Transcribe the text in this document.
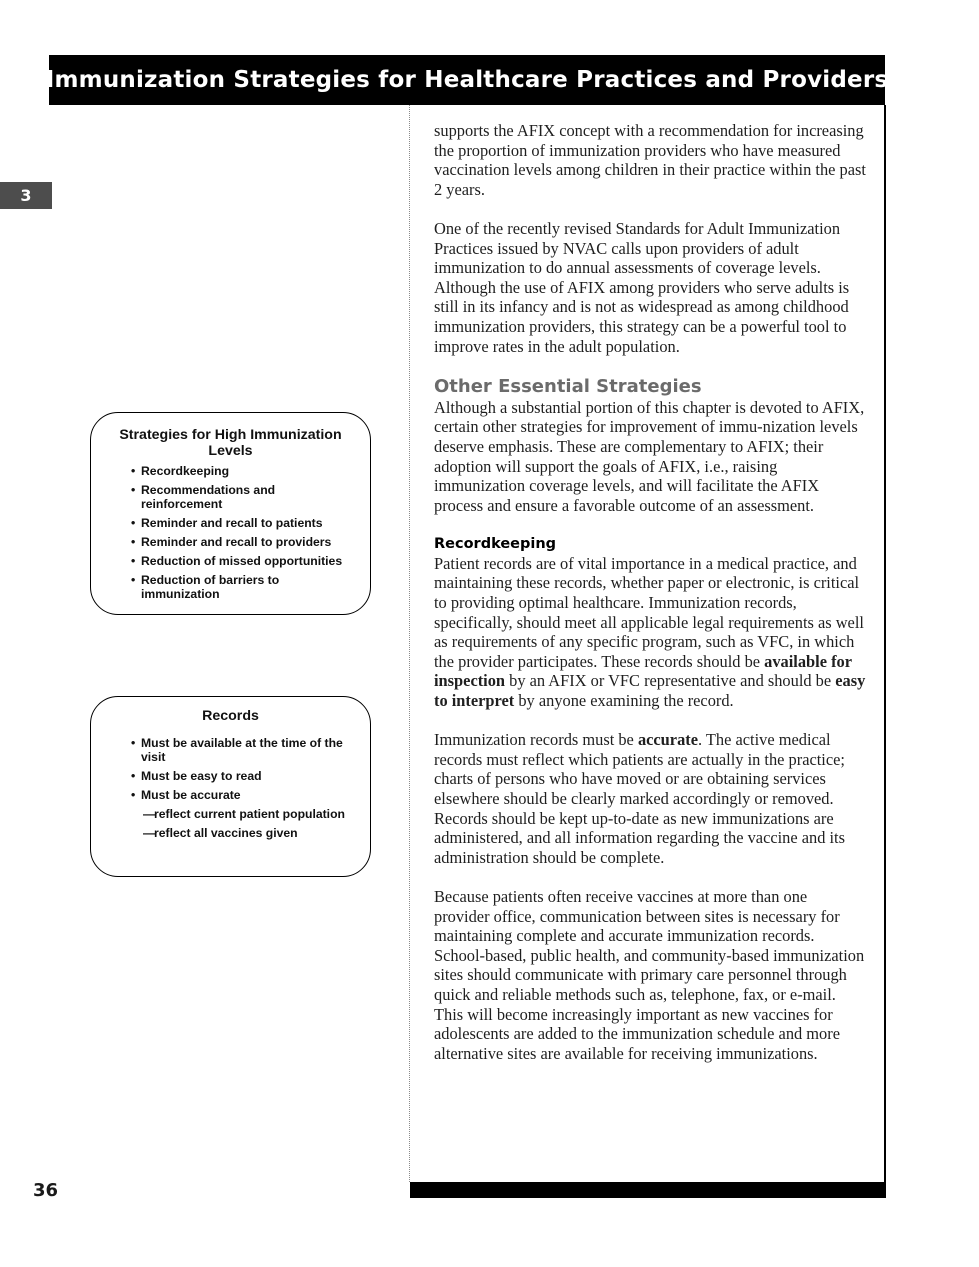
Immunization Strategies for Healthcare Practices and Providers
3
36
Strategies for High Immunization Levels
• Recordkeeping
• Recommendations and reinforcement
• Reminder and recall to patients
• Reminder and recall to providers
• Reduction of missed opportunities
• Reduction of barriers to immunization
Records
• Must be available at the time of the visit
• Must be easy to read
• Must be accurate
—
reflect current patient population
—
reflect all vaccines given

supports the AFIX concept with a recommendation for increasing the proportion of immunization providers who have measured vaccination levels among children in their practice within the past 2 years.

One of the recently revised Standards for Adult Immunization Practices issued by NVAC calls upon providers of adult immunization to do annual assessments of coverage levels. Although the use of AFIX among providers who serve adults is still in its infancy and is not as widespread as among childhood immunization providers, this strategy can be a powerful tool to improve rates in the adult population.

Other Essential Strategies

Although a substantial portion of this chapter is devoted to AFIX, certain other strategies for improvement of immu-nization levels deserve emphasis. These are complementary to AFIX; their adoption will support the goals of AFIX, i.e., raising immunization coverage levels, and will facilitate the AFIX process and ensure a favorable outcome of an assessment.

Recordkeeping

Patient records are of vital importance in a medical practice, and maintaining these records, whether paper or electronic, is critical to providing optimal healthcare. Immunization records, specifically, should meet all applicable legal requirements as well as requirements of any specific program, such as VFC, in which the provider participates. These records should be available for inspection by an AFIX or VFC representative and should be easy to interpret by anyone examining the record.

Immunization records must be accurate. The active medical records must reflect which patients are actually in the practice; charts of persons who have moved or are obtaining services elsewhere should be clearly marked accordingly or removed. Records should be kept up-to-date as new immunizations are administered, and all information regarding the vaccine and its administration should be complete.

Because patients often receive vaccines at more than one provider office, communication between sites is necessary for maintaining complete and accurate immunization records. School-based, public health, and community-based immunization sites should communicate with primary care personnel through quick and reliable methods such as, telephone, fax, or e-mail. This will become increasingly important as new vaccines for adolescents are added to the immunization schedule and more alternative sites are available for receiving immunizations.
